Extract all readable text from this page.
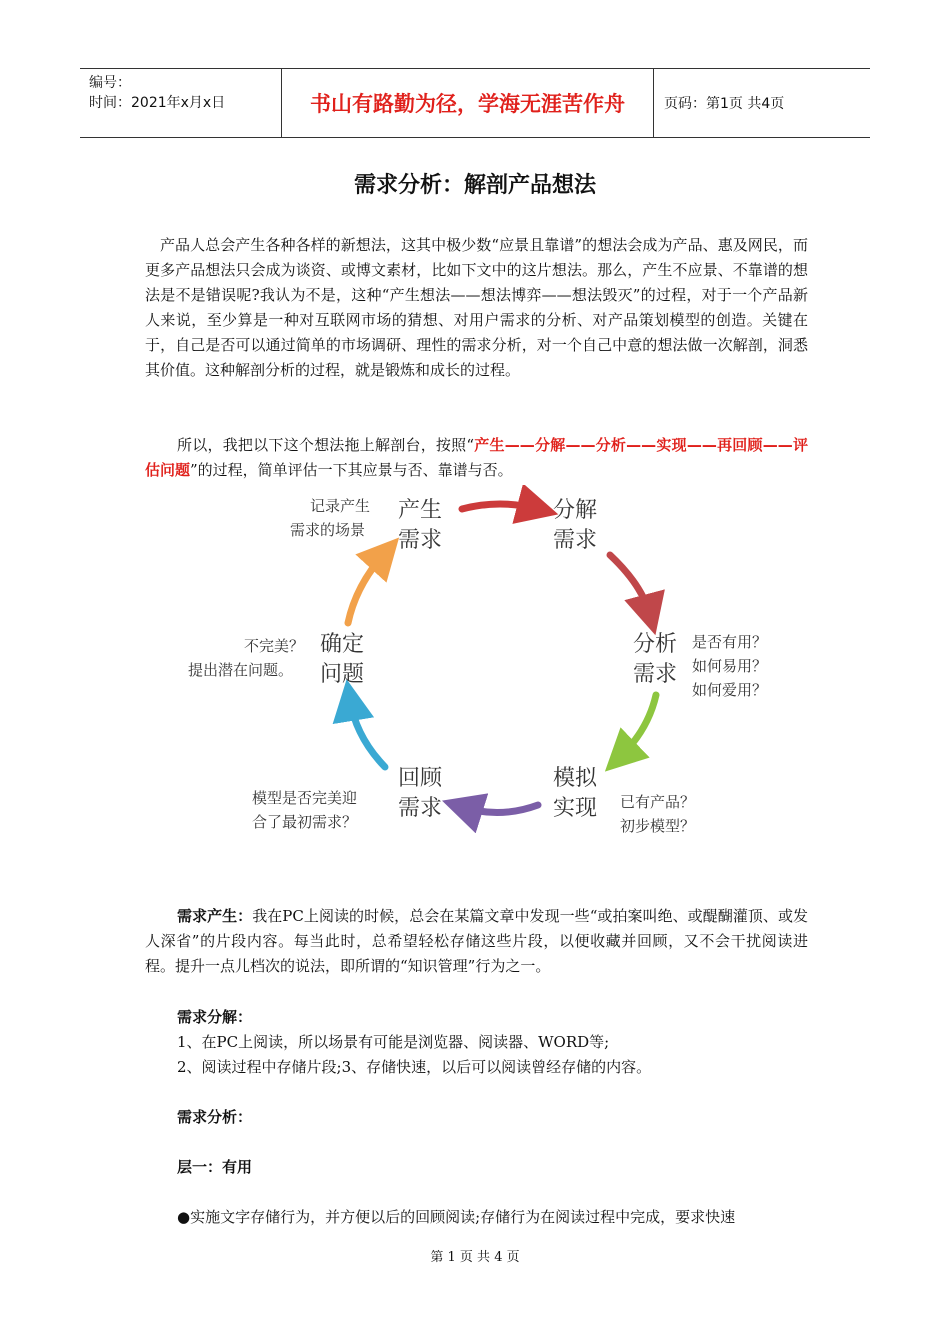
编号：
时间：2021年x月x日	书山有路勤为径，学海无涯苦作舟	页码：第1页 共4页
需求分析：解剖产品想法
产品人总会产生各种各样的新想法，这其中极少数“应景且靠谱”的想法会成为产品、惠及网民，而更多产品想法只会成为谈资、或博文素材，比如下文中的这片想法。那么，产生不应景、不靠谱的想法是不是错误呢?我认为不是，这种“产生想法——想法博弈——想法毁灭”的过程，对于一个产品新人来说，至少算是一种对互联网市场的猜想、对用户需求的分析、对产品策划模型的创造。关键在于，自己是否可以通过简单的市场调研、理性的需求分析，对一个自己中意的想法做一次解剖，洞悉其价值。这种解剖分析的过程，就是锻炼和成长的过程。
所以，我把以下这个想法拖上解剖台，按照“产生——分解——分析——实现——再回顾——评估问题”的过程，简单评估一下其应景与否、靠谱与否。
产生
需求
记录产生
需求的场景
分解
需求
分析
需求
是否有用？
如何易用？
如何爱用？
模拟
实现 已有产品？
初步模型？
回顾
需求
模型是否完美迎
合了最初需求？
确定
问题
不完美？
提出潜在问题。
需求产生：我在PC上阅读的时候，总会在某篇文章中发现一些“或拍案叫绝、或醍醐灌顶、或发人深省”的片段内容。每当此时，总希望轻松存储这些片段，以便收藏并回顾，又不会干扰阅读进程。提升一点儿档次的说法，即所谓的“知识管理”行为之一。
需求分解：
1、在PC上阅读，所以场景有可能是浏览器、阅读器、WORD等;
2、阅读过程中存储片段;3、存储快速，以后可以阅读曾经存储的内容。
需求分析：
层一：有用
●实施文字存储行为，并方便以后的回顾阅读;存储行为在阅读过程中完成，要求快速
第 1 页 共 4 页
